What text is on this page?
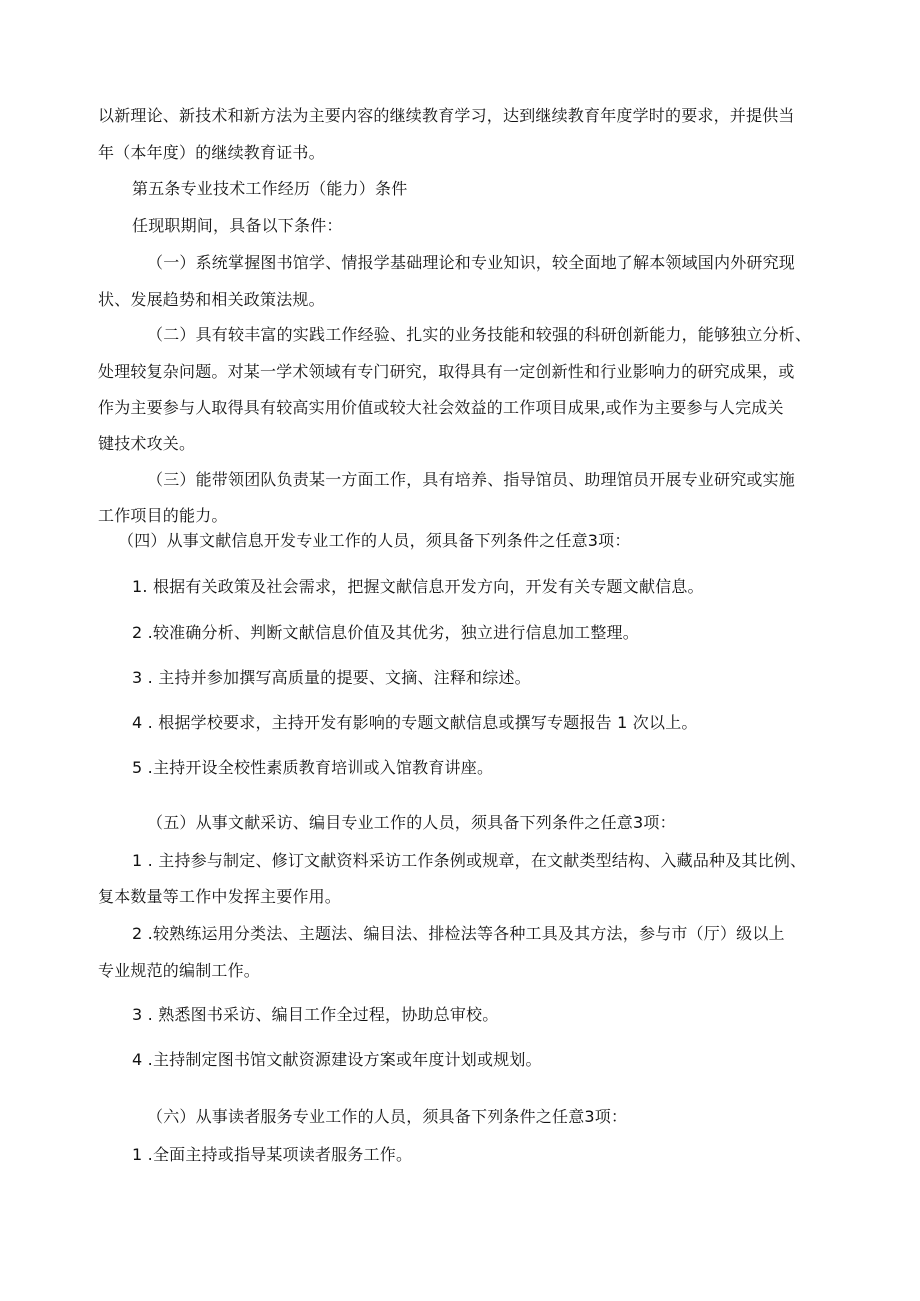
以新理论、新技术和新方法为主要内容的继续教育学习，达到继续教育年度学时的要求，并提供当
年（本年度）的继续教育证书。
第五条专业技术工作经历（能力）条件
任现职期间，具备以下条件：
（一）系统掌握图书馆学、情报学基础理论和专业知识，较全面地了解本领域国内外研究现
状、发展趋势和相关政策法规。
（二）具有较丰富的实践工作经验、扎实的业务技能和较强的科研创新能力，能够独立分析、
处理较复杂问题。对某一学术领域有专门研究，取得具有一定创新性和行业影响力的研究成果，或
作为主要参与人取得具有较高实用价值或较大社会效益的工作项目成果,或作为主要参与人完成关
键技术攻关。
（三）能带领团队负责某一方面工作，具有培养、指导馆员、助理馆员开展专业研究或实施
工作项目的能力。
（四）从事文献信息开发专业工作的人员，须具备下列条件之任意3项：
1. 根据有关政策及社会需求，把握文献信息开发方向，开发有关专题文献信息。
2 .较准确分析、判断文献信息价值及其优劣，独立进行信息加工整理。
3 . 主持并参加撰写高质量的提要、文摘、注释和综述。
4 . 根据学校要求，主持开发有影响的专题文献信息或撰写专题报告 1 次以上。
5 .主持开设全校性素质教育培训或入馆教育讲座。
（五）从事文献采访、编目专业工作的人员，须具备下列条件之任意3项：
1 . 主持参与制定、修订文献资料采访工作条例或规章，在文献类型结构、入藏品种及其比例、
复本数量等工作中发挥主要作用。
2 .较熟练运用分类法、主题法、编目法、排检法等各种工具及其方法，参与市（厅）级以上
专业规范的编制工作。
3 . 熟悉图书采访、编目工作全过程，协助总审校。
4 .主持制定图书馆文献资源建设方案或年度计划或规划。
（六）从事读者服务专业工作的人员，须具备下列条件之任意3项：
1 .全面主持或指导某项读者服务工作。
